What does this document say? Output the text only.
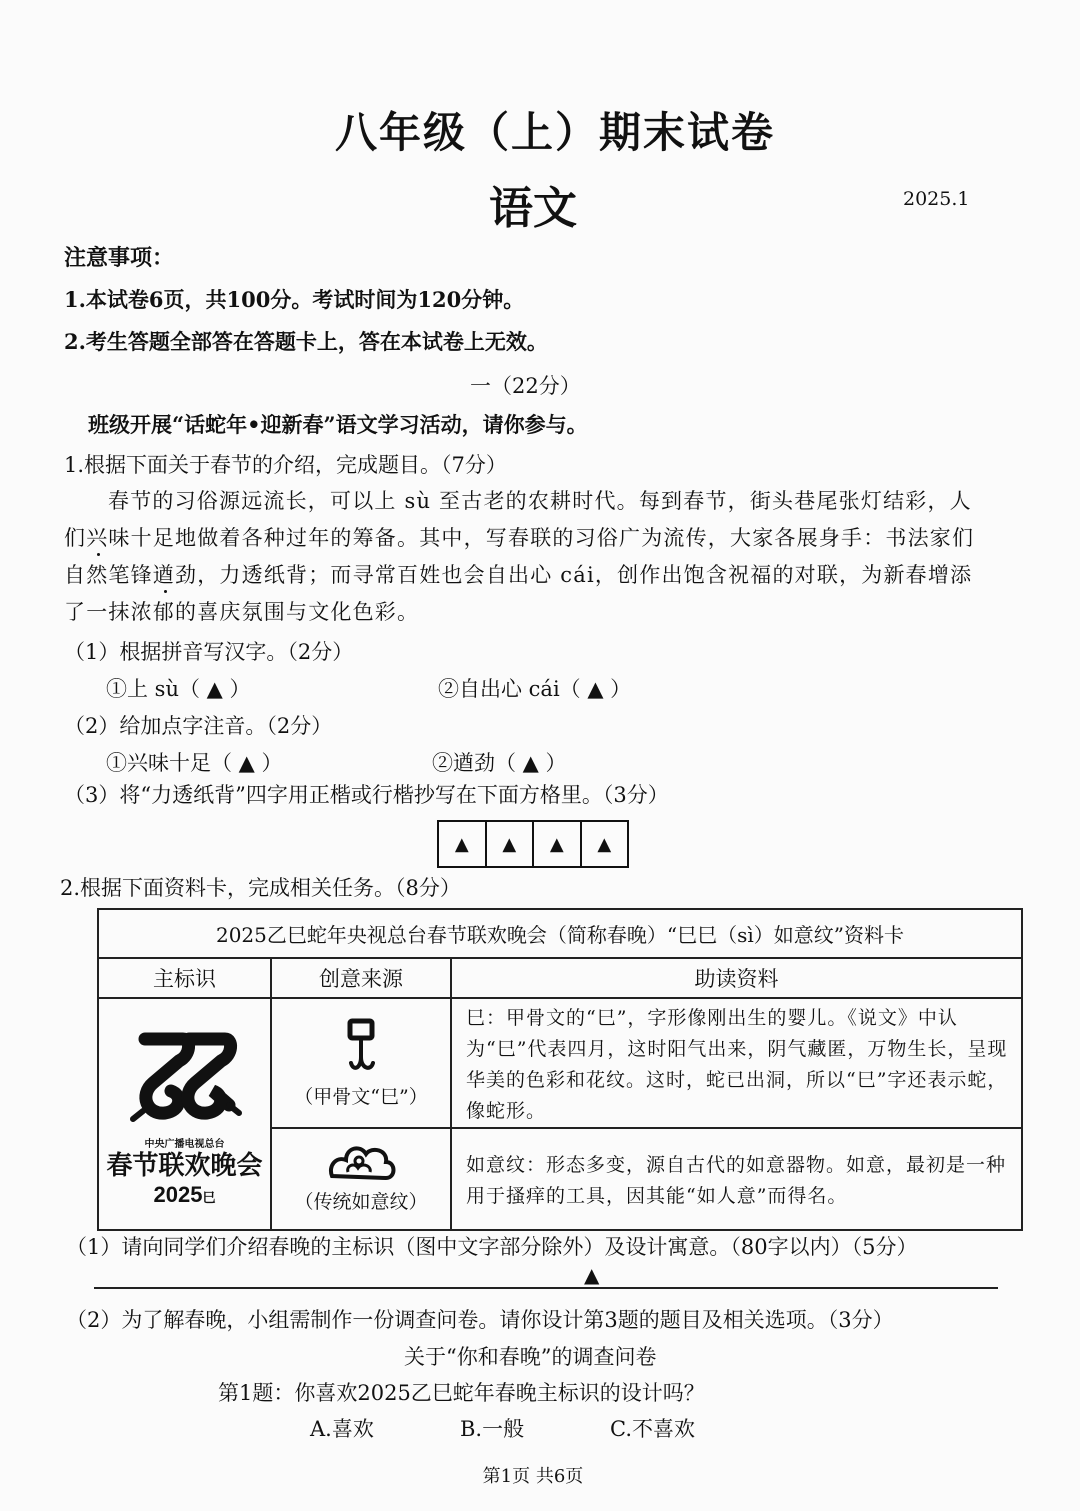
八年级（上）期末试卷
语文	2025.1
注意事项：
1.本试卷6页，共100分。考试时间为120分钟。
2.考生答题全部答在答题卡上，答在本试卷上无效。
一（22分）
班级开展“话蛇年•迎新春”语文学习活动，请你参与。
1.根据下面关于春节的介绍，完成题目。（7分）
春节的习俗源远流长，可以上 sù 至古老的农耕时代。每到春节，街头巷尾张灯结彩，人
们兴味十足地做着各种过年的筹备。其中，写春联的习俗广为流传，大家各展身手：书法家们
自然笔锋遒劲，力透纸背；而寻常百姓也会自出心 cái，创作出饱含祝福的对联，为新春增添
了一抹浓郁的喜庆氛围与文化色彩。
（1）根据拼音写汉字。（2分）
①上 sù（ ▲ ）	②自出心 cái（ ▲ ）
（2）给加点字注音。（2分）
①兴味十足（ ▲ ）	②遒劲（ ▲ ）
（3）将“力透纸背”四字用正楷或行楷抄写在下面方格里。（3分）
▲	▲	▲	▲
2.根据下面资料卡，完成相关任务。（8分）
2025乙巳蛇年央视总台春节联欢晚会（简称春晚）“巳巳（sì）如意纹”资料卡		
主标识	创意来源	助读资料

中央广播电视总台
春节联欢晚会
2025巳	（甲骨文“巳”）	巳：甲骨文的“巳”，字形像刚出生的婴儿。《说文》中认为“巳”代表四月，这时阳气出来，阴气藏匿，万物生长，呈现华美的色彩和花纹。这时，蛇已出洞，所以“巳”字还表示蛇，像蛇形。

	（传统如意纹）	如意纹：形态多变，源自古代的如意器物。如意，最初是一种用于搔痒的工具，因其能“如人意”而得名。
（1）请向同学们介绍春晚的主标识（图中文字部分除外）及设计寓意。（80字以内）（5分）
▲
（2）为了解春晚，小组需制作一份调查问卷。请你设计第3题的题目及相关选项。（3分）
关于“你和春晚”的调查问卷
第1题：你喜欢2025乙巳蛇年春晚主标识的设计吗？
A.喜欢	B.一般	C.不喜欢
第1页 共6页
